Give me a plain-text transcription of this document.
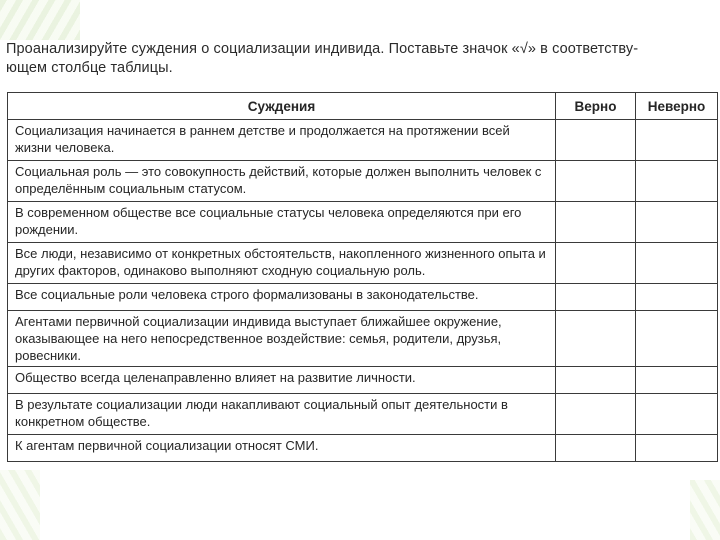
Проанализируйте суждения о социализации индивида. Поставьте значок «√» в соответству-
ющем столбце таблицы.
Суждения	Верно	Неверно
Социализация начинается в раннем детстве и продолжается на протяжении всей жизни человека.		
Социальная роль — это совокупность действий, которые должен выполнить человек с определённым социальным статусом.		
В современном обществе все социальные статусы человека определяются при его рождении.		
Все люди, независимо от конкретных обстоятельств, накопленного жизненного опыта и других факторов, одинаково выполняют сходную социальную роль.		
Все социальные роли человека строго формализованы в законодательстве.		
Агентами первичной социализации индивида выступает ближайшее окружение, оказывающее на него непосредственное воздействие: семья, родители, друзья, ровесники.		
Общество всегда целенаправленно влияет на развитие личности.		
В результате социализации люди накапливают социальный опыт деятельности в конкретном обществе.		
К агентам первичной социализации относят СМИ.		
